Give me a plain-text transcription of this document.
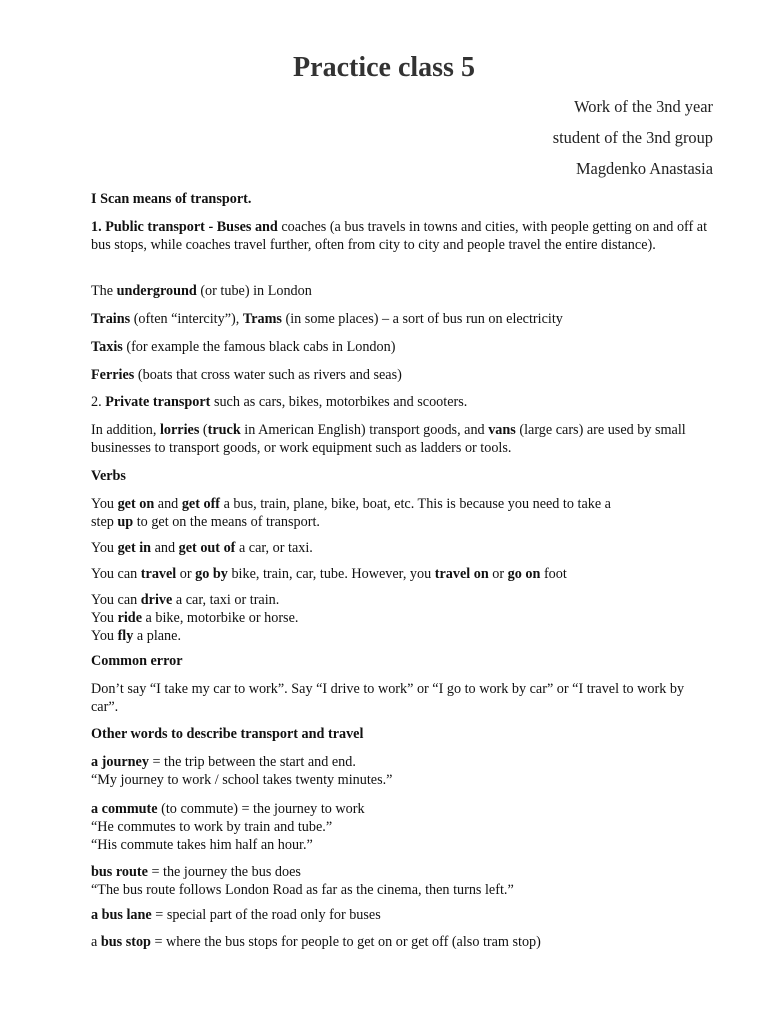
Practice class 5
Work of the 3nd year
student of the 3nd group
Magdenko Anastasia
I Scan means of transport.
1. Public transport - Buses and coaches (a bus travels in towns and cities, with people getting on and off at bus stops, while coaches travel further, often from city to city and people travel the entire distance).
The underground (or tube) in London
Trains (often “intercity”), Trams (in some places) – a sort of bus run on electricity
Taxis (for example the famous black cabs in London)
Ferries (boats that cross water such as rivers and seas)
2. Private transport such as cars, bikes, motorbikes and scooters.
In addition, lorries (truck in American English) transport goods, and vans (large cars) are used by small businesses to transport goods, or work equipment such as ladders or tools.
Verbs
You get on and get off a bus, train, plane, bike, boat, etc. This is because you need to take a
step up to get on the means of transport.
You get in and get out of a car, or taxi.
You can travel or go by bike, train, car, tube. However, you travel on or go on foot
You can drive a car, taxi or train.
You ride a bike, motorbike or horse.
You fly a plane.
Common error
Don’t say “I take my car to work”. Say “I drive to work” or “I go to work by car” or “I travel to work by car”.
Other words to describe transport and travel
a journey = the trip between the start and end.
“My journey to work / school takes twenty minutes.”
a commute (to commute) = the journey to work
“He commutes to work by train and tube.”
“His commute takes him half an hour.”
bus route = the journey the bus does
“The bus route follows London Road as far as the cinema, then turns left.”
a bus lane = special part of the road only for buses
a bus stop = where the bus stops for people to get on or get off (also tram stop)
